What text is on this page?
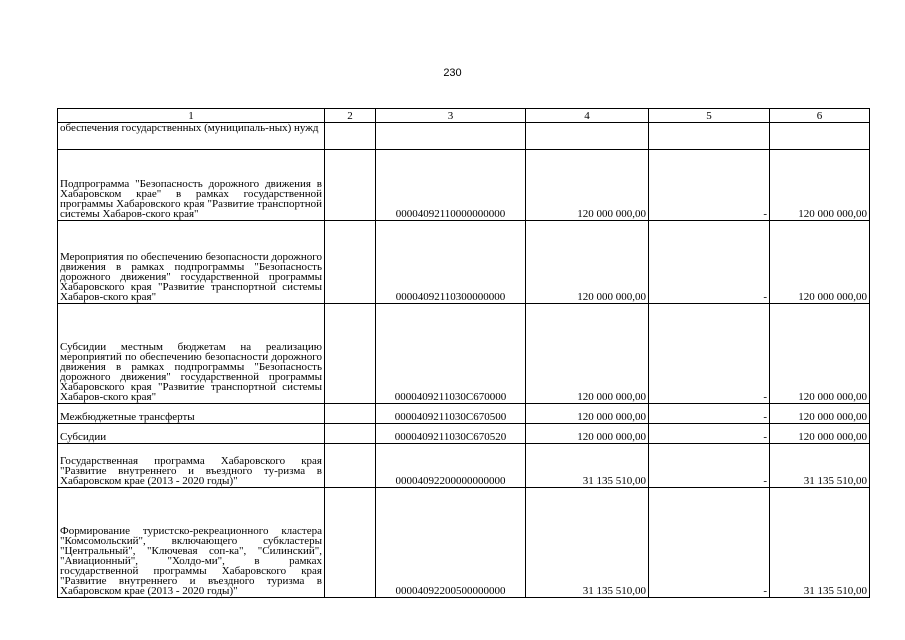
230
1	2	3	4	5	6
обеспечения государственных (муниципаль-ных) нужд					
Подпрограмма "Безопасность дорожного движения в Хабаровском крае" в рамках государственной программы Хабаровского края "Развитие транспортной системы Хабаров-ского края"		00004092110000000000	120 000 000,00	-	120 000 000,00
Мероприятия по обеспечению безопасности дорожного движения в рамках подпрограммы "Безопасность дорожного движения" государственной программы Хабаровского края "Развитие транспортной системы Хабаров-ского края"		00004092110300000000	120 000 000,00	-	120 000 000,00
Субсидии местным бюджетам на реализацию мероприятий по обеспечению безопасности дорожного движения в рамках подпрограммы "Безопасность дорожного движения" государственной программы Хабаровского края "Развитие транспортной системы Хабаров-ского края"		0000409211030С670000	120 000 000,00	-	120 000 000,00
Межбюджетные трансферты		0000409211030С670500	120 000 000,00	-	120 000 000,00
Субсидии		0000409211030С670520	120 000 000,00	-	120 000 000,00
Государственная программа Хабаровского края "Развитие внутреннего и въездного ту-ризма в Хабаровском крае (2013 - 2020 годы)"		00004092200000000000	31 135 510,00	-	31 135 510,00
Формирование туристско-рекреационного кластера "Комсомольский", включающего субкластеры "Центральный", "Ключевая соп-ка", "Силинский", "Авиационный", "Холдо-ми", в рамках государственной программы Хабаровского края "Развитие внутреннего и въездного туризма в Хабаровском крае (2013 - 2020 годы)"		00004092200500000000	31 135 510,00	-	31 135 510,00
